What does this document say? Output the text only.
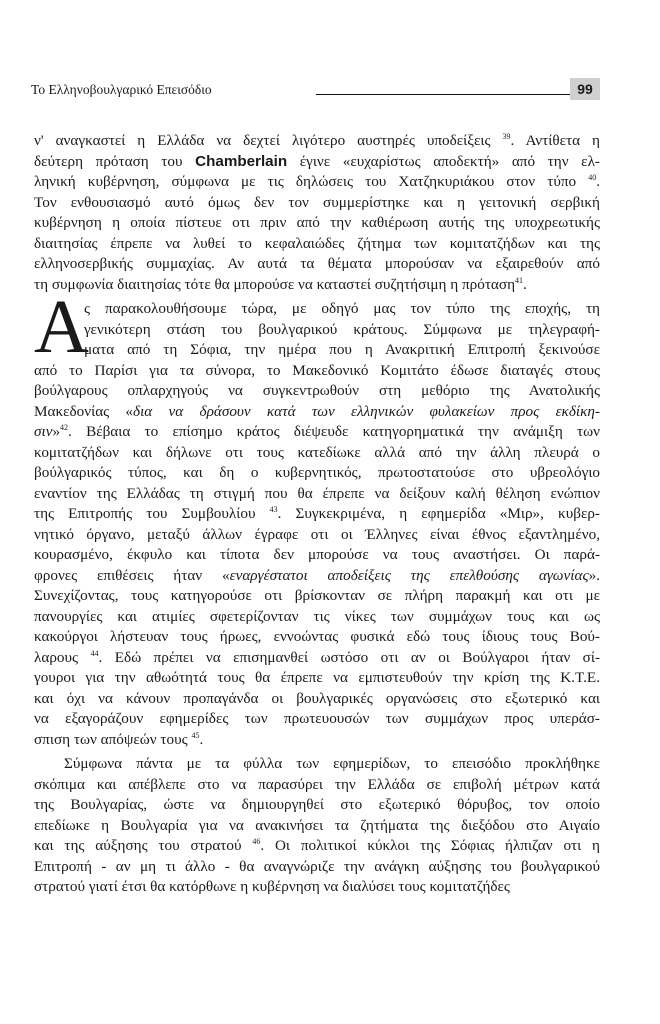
Το Ελληνοβουλγαρικό Επεισόδιο	99
ν' αναγκαστεί η Ελλάδα να δεχτεί λιγότερο αυστηρές υποδείξεις $^{39}$. Αντίθετα η
δεύτερη πρόταση του Chamberlain έγινε «ευχαρίστως αποδεκτή» από την ελ-
ληνική κυβέρνηση, σύμφωνα με τις δηλώσεις του Χατζηκυριάκου στον τύπο $^{40}$.
Τον ενθουσιασμό αυτό όμως δεν τον συμμερίστηκε και η γειτονική σερβική
κυβέρνηση η οποία πίστευε οτι πριν από την καθιέρωση αυτής της υποχρεωτικής
διαιτησίας έπρεπε να λυθεί το κεφαλαιώδες ζήτημα των κομιτατζήδων και της
ελληνοσερβικής συμμαχίας. Αν αυτά τα θέματα μπορούσαν να εξαιρεθούν από
τη συμφωνία διαιτησίας τότε θα μπορούσε να καταστεί συζητήσιμη η πρόταση$^{41}$.
Α
ς παρακολουθήσουμε τώρα, με οδηγό μας τον τύπο της εποχής, τη
γενικότερη στάση του βουλγαρικού κράτους. Σύμφωνα με τηλεγραφή-
ματα από τη Σόφια, την ημέρα που η Ανακριτική Επιτροπή ξεκινούσε
από το Παρίσι για τα σύνορα, το Μακεδονικό Κομιτάτο έδωσε διαταγές στους
βούλγαρους οπλαρχηγούς να συγκεντρωθούν στη μεθόριο της Ανατολικής
Μακεδονίας «δια να δράσουν κατά των ελληνικών φυλακείων προς εκδίκη-
σιν»$^{42}$. Βέβαια το επίσημο κράτος διέψευδε κατηγορηματικά την ανάμιξη των
κομιτατζήδων και δήλωνε οτι τους κατεδίωκε αλλά από την άλλη πλευρά ο
βούλγαρικός τύπος, και δη ο κυβερνητικός, πρωτοστατούσε στο υβρεολόγιο
εναντίον της Ελλάδας τη στιγμή που θα έπρεπε να δείξουν καλή θέληση ενώπιον
της Επιτροπής του Συμβουλίου $^{43}$. Συγκεκριμένα, η εφημερίδα «Μιρ», κυβερ-
νητικό όργανο, μεταξύ άλλων έγραφε οτι οι Έλληνες είναι έθνος εξαντλημένο,
κουρασμένο, έκφυλο και τίποτα δεν μπορούσε να τους αναστήσει. Οι παρά-
φρονες επιθέσεις ήταν «εναργέστατοι αποδείξεις της επελθούσης αγωνίας».
Συνεχίζοντας, τους κατηγορούσε οτι βρίσκονταν σε πλήρη παρακμή και οτι με
πανουργίες και ατιμίες σφετερίζονταν τις νίκες των συμμάχων τους και ως
κακούργοι λήστευαν τους ήρωες, εννοώντας φυσικά εδώ τους ίδιους τους Βού-
λαρους $^{44}$. Εδώ πρέπει να επισημανθεί ωστόσο οτι αν οι Βούλγαροι ήταν σί-
γουροι για την αθωότητά τους θα έπρεπε να εμπιστευθούν την κρίση της Κ.Τ.Ε.
και όχι να κάνουν προπαγάνδα οι βουλγαρικές οργανώσεις στο εξωτερικό και
να εξαγοράζουν εφημερίδες των πρωτευουσών των συμμάχων προς υπεράσ-
σπιση των απόψεών τους $^{45}$.
Σύμφωνα πάντα με τα φύλλα των εφημερίδων, το επεισόδιο προκλήθηκε
σκόπιμα και απέβλεπε στο να παρασύρει την Ελλάδα σε επιβολή μέτρων κατά
της Βουλγαρίας, ώστε να δημιουργηθεί στο εξωτερικό θόρυβος, τον οποίο
επεδίωκε η Βουλγαρία για να ανακινήσει τα ζητήματα της διεξόδου στο Αιγαίο
και της αύξησης του στρατού $^{46}$. Οι πολιτικοί κύκλοι της Σόφιας ήλπιζαν οτι η
Επιτροπή - αν μη τι άλλο - θα αναγνώριζε την ανάγκη αύξησης του βουλγαρικού
στρατού γιατί έτσι θα κατόρθωνε η κυβέρνηση να διαλύσει τους κομιτατζήδες
